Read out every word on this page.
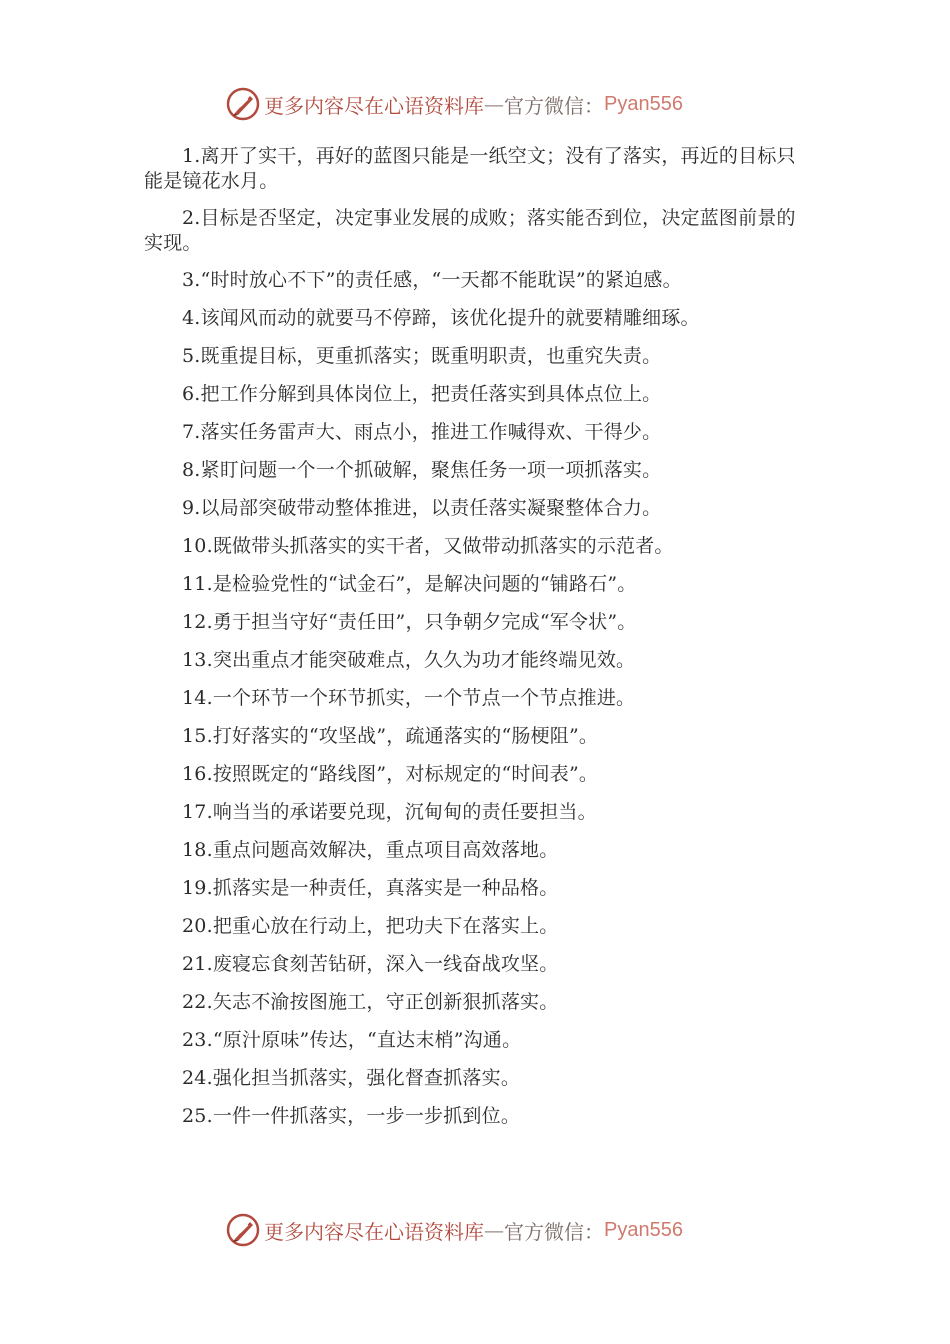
更多内容尽在心语资料库 — 官方微信： Pyan556

1.离开了实干，再好的蓝图只能是一纸空文；没有了落实，再近的目标只能是镜花水月。

2.目标是否坚定，决定事业发展的成败；落实能否到位，决定蓝图前景的实现。

3.“时时放心不下”的责任感，“一天都不能耽误”的紧迫感。

4.该闻风而动的就要马不停蹄，该优化提升的就要精雕细琢。

5.既重提目标，更重抓落实；既重明职责，也重究失责。

6.把工作分解到具体岗位上，把责任落实到具体点位上。

7.落实任务雷声大、雨点小，推进工作喊得欢、干得少。

8.紧盯问题一个一个抓破解，聚焦任务一项一项抓落实。

9.以局部突破带动整体推进，以责任落实凝聚整体合力。

10.既做带头抓落实的实干者，又做带动抓落实的示范者。

11.是检验党性的“试金石”，是解决问题的“铺路石”。

12.勇于担当守好“责任田”，只争朝夕完成“军令状”。

13.突出重点才能突破难点，久久为功才能终端见效。

14.一个环节一个环节抓实，一个节点一个节点推进。

15.打好落实的“攻坚战”，疏通落实的“肠梗阻”。

16.按照既定的“路线图”，对标规定的“时间表”。

17.响当当的承诺要兑现，沉甸甸的责任要担当。

18.重点问题高效解决，重点项目高效落地。

19.抓落实是一种责任，真落实是一种品格。

20.把重心放在行动上，把功夫下在落实上。

21.废寝忘食刻苦钻研，深入一线奋战攻坚。

22.矢志不渝按图施工，守正创新狠抓落实。

23.“原汁原味”传达，“直达末梢”沟通。

24.强化担当抓落实，强化督查抓落实。

25.一件一件抓落实，一步一步抓到位。

更多内容尽在心语资料库 — 官方微信： Pyan556
